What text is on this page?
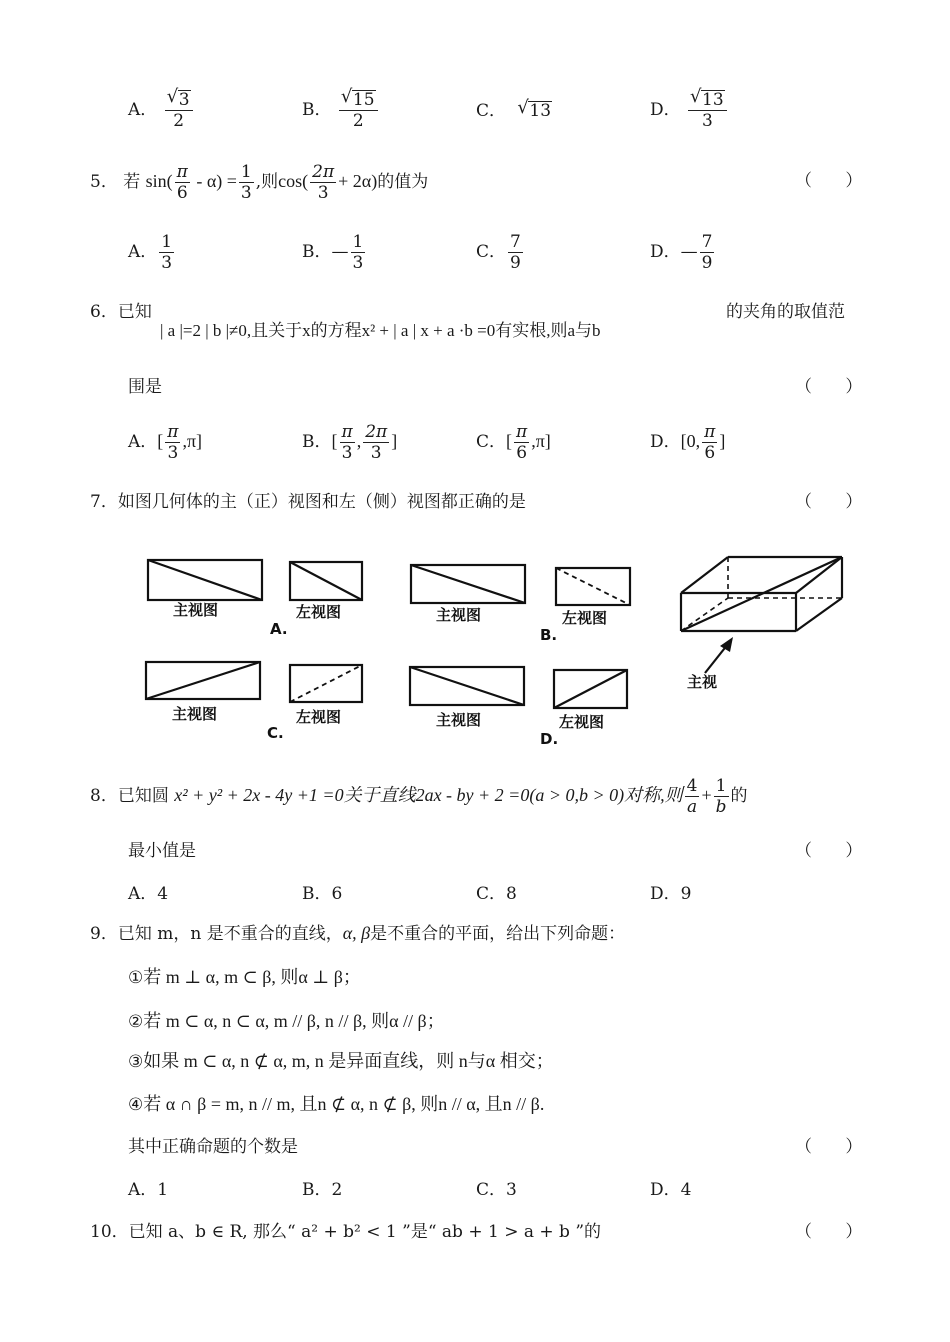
A． $\frac{√ 3}{2}$	B． $\frac{√ 15}{2}$	C． √ 13	D． $\frac{√ 13}{3}$
5． 若 $\sin( \frac{\pi}{6} - \alpha) = \frac{1}{3}$ ,则$\cos( \frac{2\pi}{3} + 2\alpha)$的值为	（ ）
A． $\frac{1}{3}$	B．— $\frac{1}{3}$	C． $\frac{7}{9}$	D．— $\frac{7}{9}$
6．已知
| a |=2 | b |≠0,且关于x的方程x² + | a | x + a ·b =0有实根,则a与b
的夹角的取值范
围是	（ ）
A．[ $\frac{\pi}{3} ,\pi$]	B．[ $\frac{\pi}{3}$ , $\frac{2\pi}{3}$ ]	C．[ $\frac{\pi}{6} ,\pi$]	D．[0, $\frac{\pi}{6}$ ]
7．如图几何体的主（正）视图和左（侧）视图都正确的是	（ ）
主视图	左视图
A.
主视图	左视图
B.
主视图	左视图
C.
主视图	左视图
D.
主视
8．已知圆 x² + y² + 2x - 4y +1 =0关于直线2ax - by + 2 =0(a > 0,b > 0)对称,则 $\frac{4}{a} + \frac{1}{b}$ 的
最小值是	（ ）
A．4	B．6	C．8	D．9
9．已知 m，n 是不重合的直线，α, β是不重合的平面，给出下列命题：
①若 m ⊥ α, m ⊂ β, 则α ⊥ β；
②若 m ⊂ α, n ⊂ α, m // β, n // β, 则α // β；
③如果 m ⊂ α, n ⊄ α, m, n 是异面直线，则 n与α 相交；
④若 α ∩ β = m, n // m, 且n ⊄ α, n ⊄ β, 则n // α, 且n // β.
其中正确命题的个数是	（ ）
A．1	B．2	C．3	D．4
10．已知 a、b ∈ R, 那么“ a² + b² < 1 ”是“ ab + 1 > a + b ”的	（ ）
